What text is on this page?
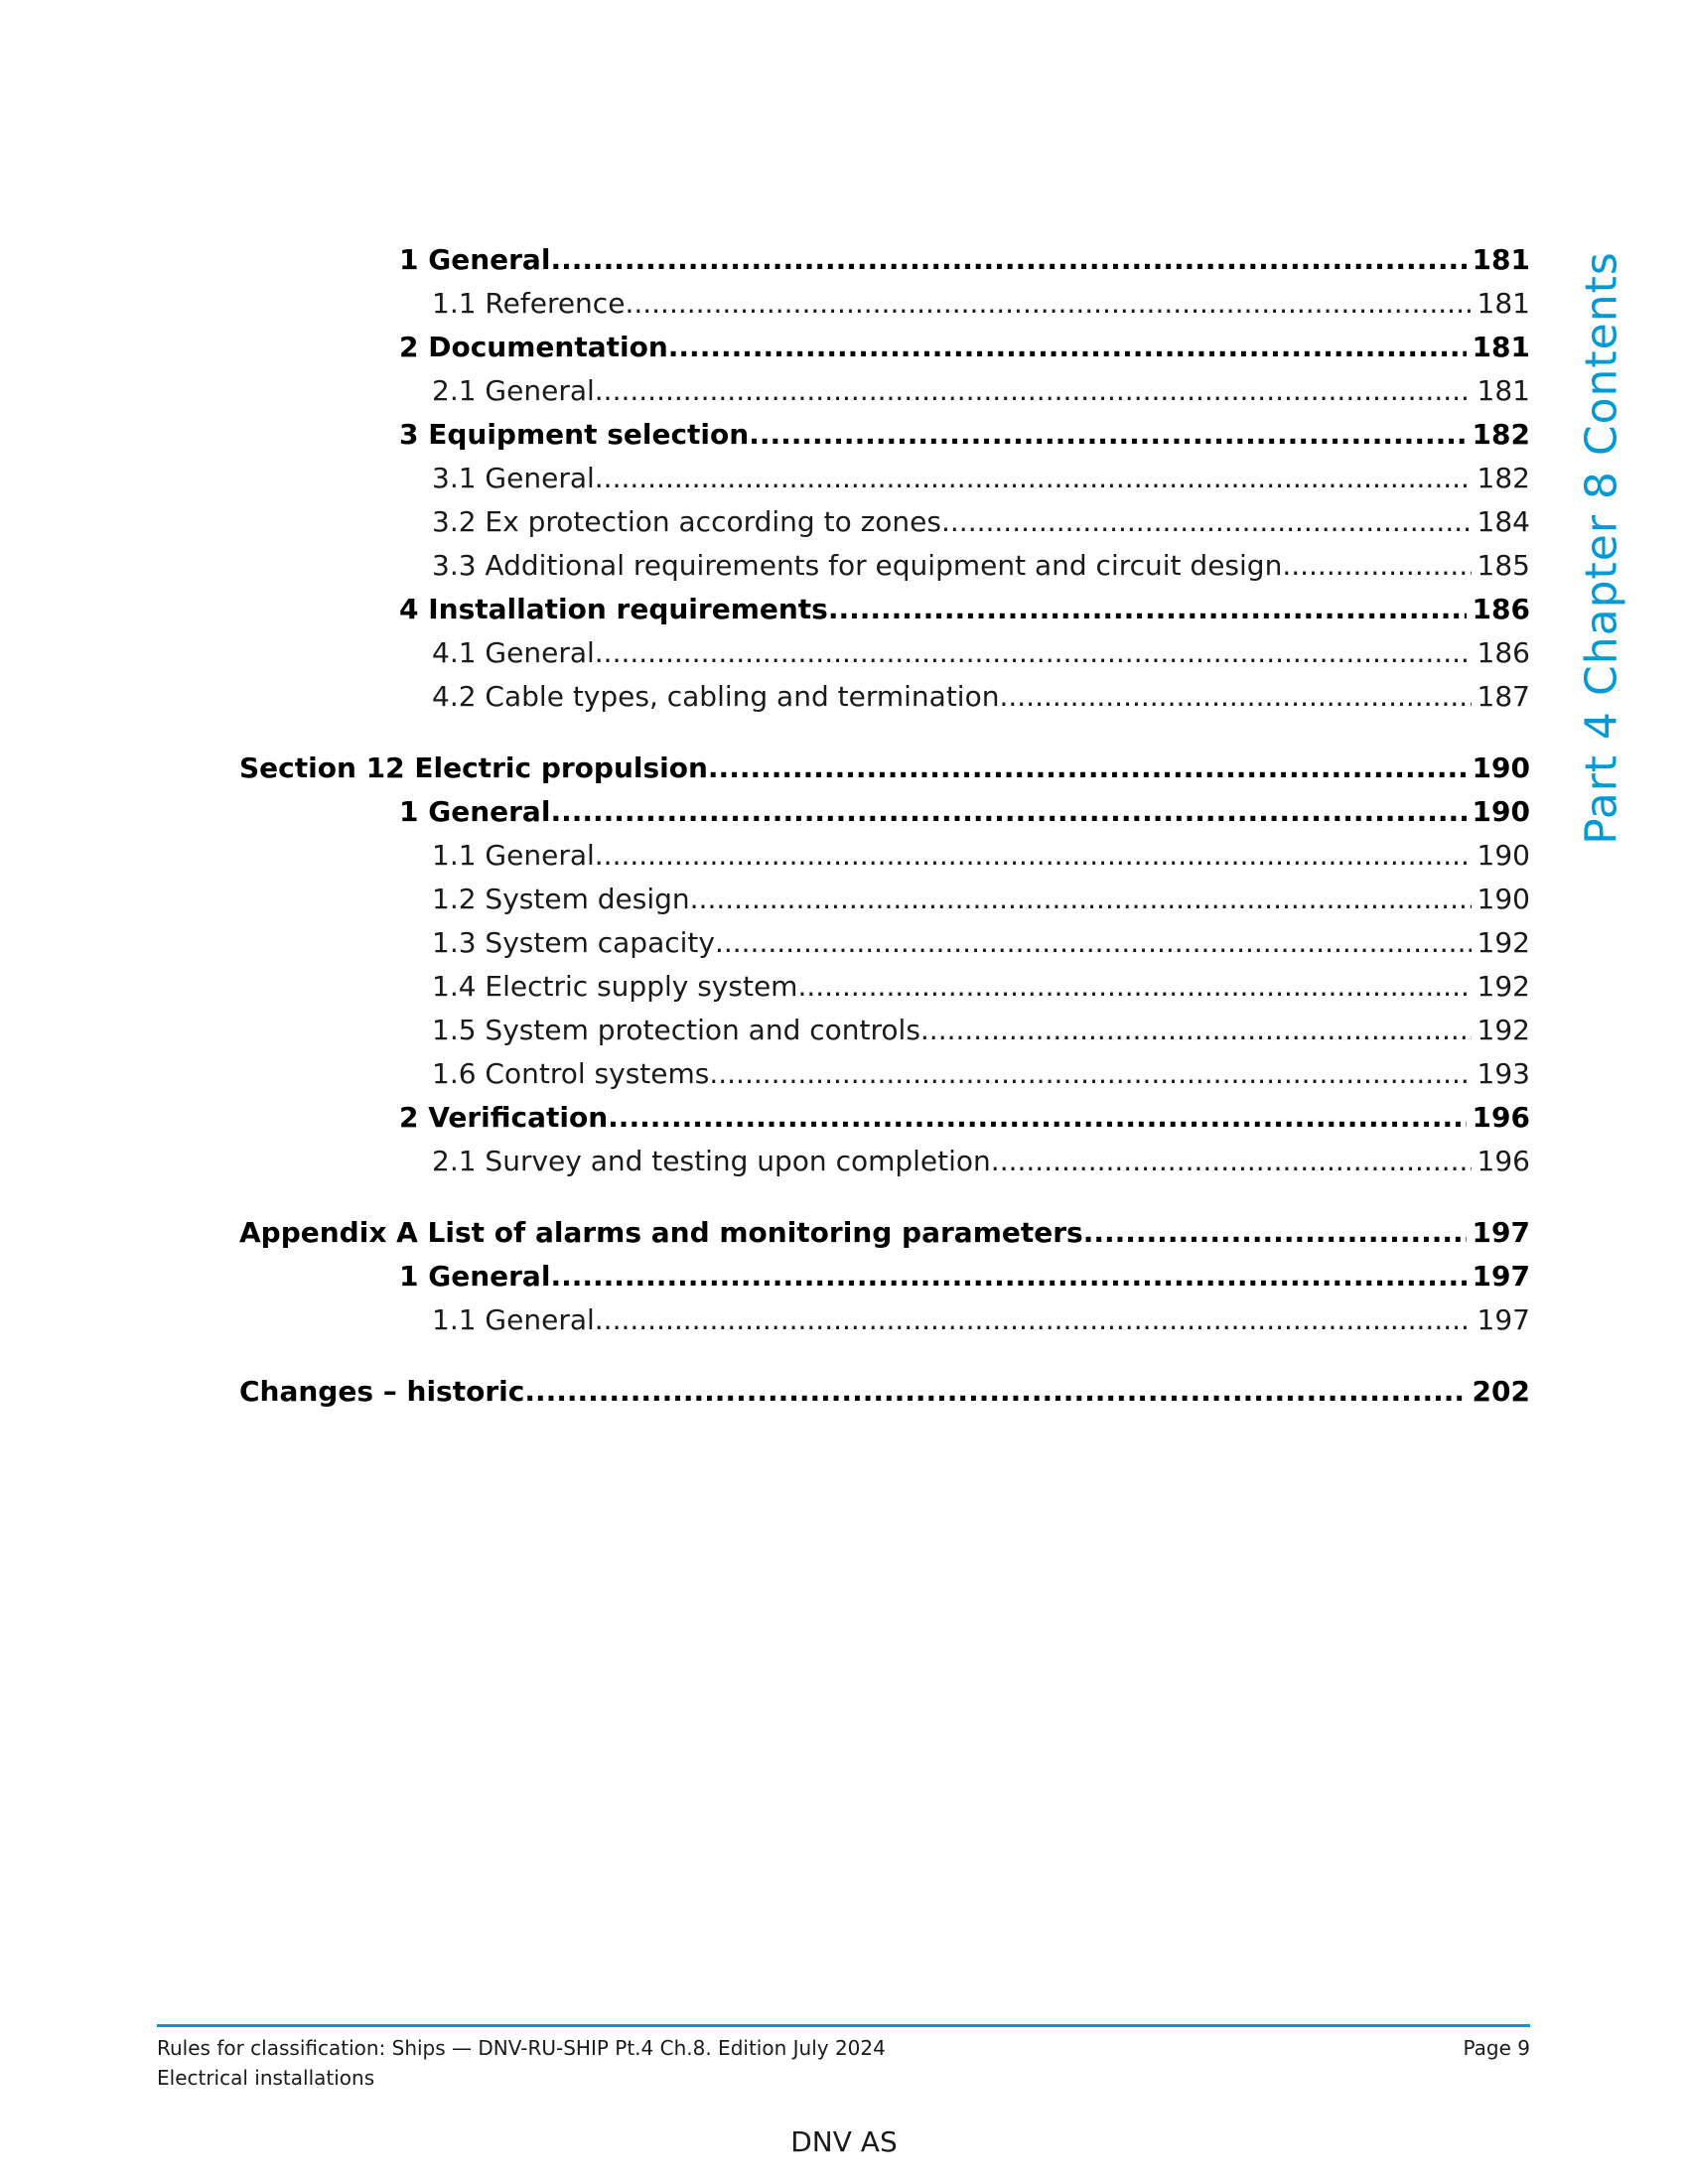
1 General .....	181
1.1 Reference .....	181
2 Documentation .....	181
2.1 General .....	181
3 Equipment selection .....	182
3.1 General .....	182
3.2 Ex protection according to zones .....	184
3.3 Additional requirements for equipment and circuit design .....	185
4 Installation requirements .....	186
4.1 General .....	186
4.2 Cable types, cabling and termination .....	187
Section 12 Electric propulsion .....	190
1 General .....	190
1.1 General .....	190
1.2 System design .....	190
1.3 System capacity .....	192
1.4 Electric supply system .....	192
1.5 System protection and controls .....	192
1.6 Control systems .....	193
2 Verification .....	196
2.1 Survey and testing upon completion .....	196
Appendix A List of alarms and monitoring parameters .....	197
1 General .....	197
1.1 General .....	197
Changes – historic .....	202
Part 4 Chapter 8 Contents
Rules for classification: Ships — DNV-RU-SHIP Pt.4 Ch.8. Edition July 2024
Electrical installations
Page 9
DNV AS
